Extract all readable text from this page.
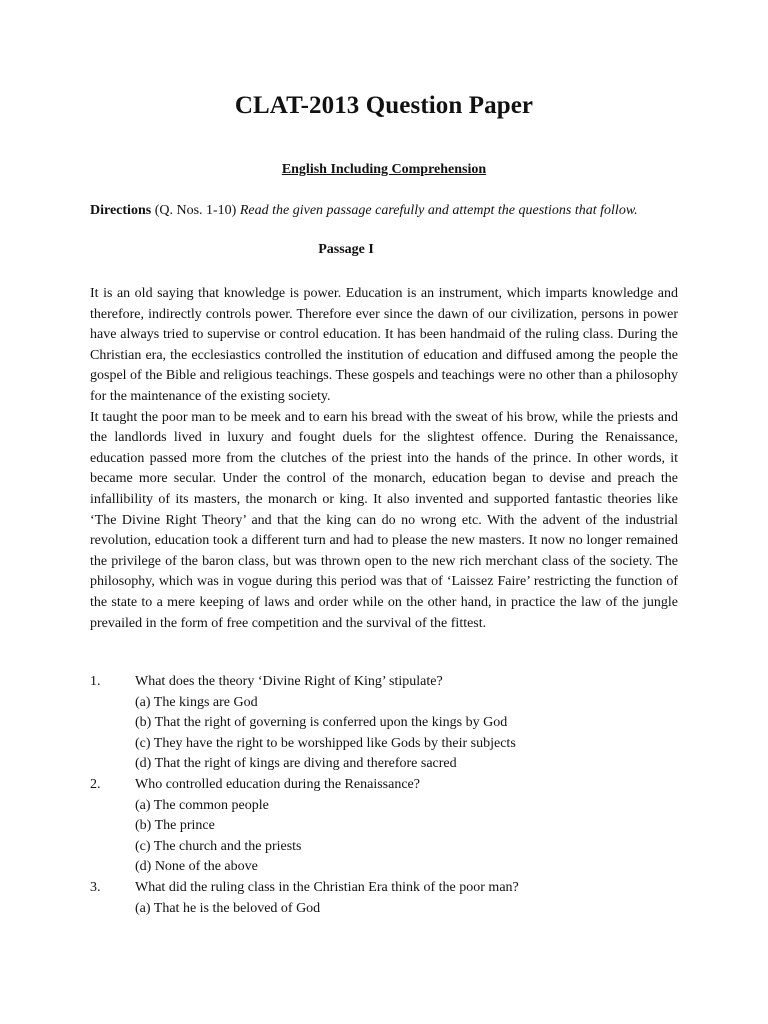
CLAT-2013 Question Paper
English Including Comprehension
Directions (Q. Nos. 1-10) Read the given passage carefully and attempt the questions that follow.
Passage I

It is an old saying that knowledge is power. Education is an instrument, which imparts knowledge and therefore, indirectly controls power. Therefore ever since the dawn of our civilization, persons in power have always tried to supervise or control education. It has been handmaid of the ruling class. During the Christian era, the ecclesiastics controlled the institution of education and diffused among the people the gospel of the Bible and religious teachings. These gospels and teachings were no other than a philosophy for the maintenance of the existing society.

It taught the poor man to be meek and to earn his bread with the sweat of his brow, while the priests and the landlords lived in luxury and fought duels for the slightest offence. During the Renaissance, education passed more from the clutches of the priest into the hands of the prince. In other words, it became more secular. Under the control of the monarch, education began to devise and preach the infallibility of its masters, the monarch or king. It also invented and supported fantastic theories like ‘The Divine Right Theory’ and that the king can do no wrong etc. With the advent of the industrial revolution, education took a different turn and had to please the new masters. It now no longer remained the privilege of the baron class, but was thrown open to the new rich merchant class of the society. The philosophy, which was in vogue during this period was that of ‘Laissez Faire’ restricting the function of the state to a mere keeping of laws and order while on the other hand, in practice the law of the jungle prevailed in the form of free competition and the survival of the fittest.

1. What does the theory ‘Divine Right of King’ stipulate?
(a) The kings are God
(b) That the right of governing is conferred upon the kings by God
(c) They have the right to be worshipped like Gods by their subjects
(d) That the right of kings are diving and therefore sacred
2. Who controlled education during the Renaissance?
(a) The common people
(b) The prince
(c) The church and the priests
(d) None of the above
3. What did the ruling class in the Christian Era think of the poor man?
(a) That he is the beloved of God
